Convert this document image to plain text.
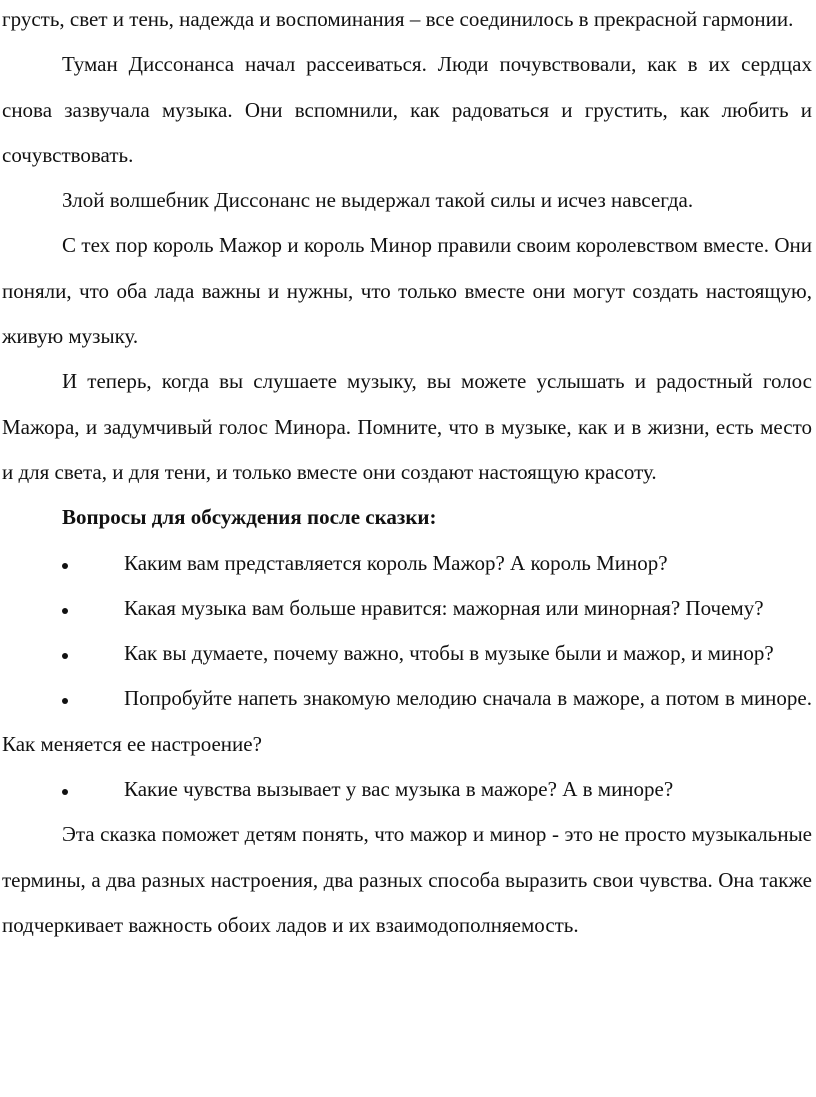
грусть, свет и тень, надежда и воспоминания – все соединилось в прекрасной гармонии.

Туман Диссонанса начал рассеиваться. Люди почувствовали, как в их сердцах снова зазвучала музыка. Они вспомнили, как радоваться и грустить, как любить и сочувствовать.

Злой волшебник Диссонанс не выдержал такой силы и исчез навсегда.

С тех пор король Мажор и король Минор правили своим королевством вместе. Они поняли, что оба лада важны и нужны, что только вместе они могут создать настоящую, живую музыку.

И теперь, когда вы слушаете музыку, вы можете услышать и радостный голос Мажора, и задумчивый голос Минора. Помните, что в музыке, как и в жизни, есть место и для света, и для тени, и только вместе они создают настоящую красоту.

Вопросы для обсуждения после сказки:

Каким вам представляется король Мажор? А король Минор?

Какая музыка вам больше нравится: мажорная или минорная? Почему?

Как вы думаете, почему важно, чтобы в музыке были и мажор, и минор?

Попробуйте напеть знакомую мелодию сначала в мажоре, а потом в миноре. Как меняется ее настроение?

Какие чувства вызывает у вас музыка в мажоре? А в миноре?

Эта сказка поможет детям понять, что мажор и минор - это не просто музыкальные термины, а два разных настроения, два разных способа выразить свои чувства. Она также подчеркивает важность обоих ладов и их взаимодополняемость.
